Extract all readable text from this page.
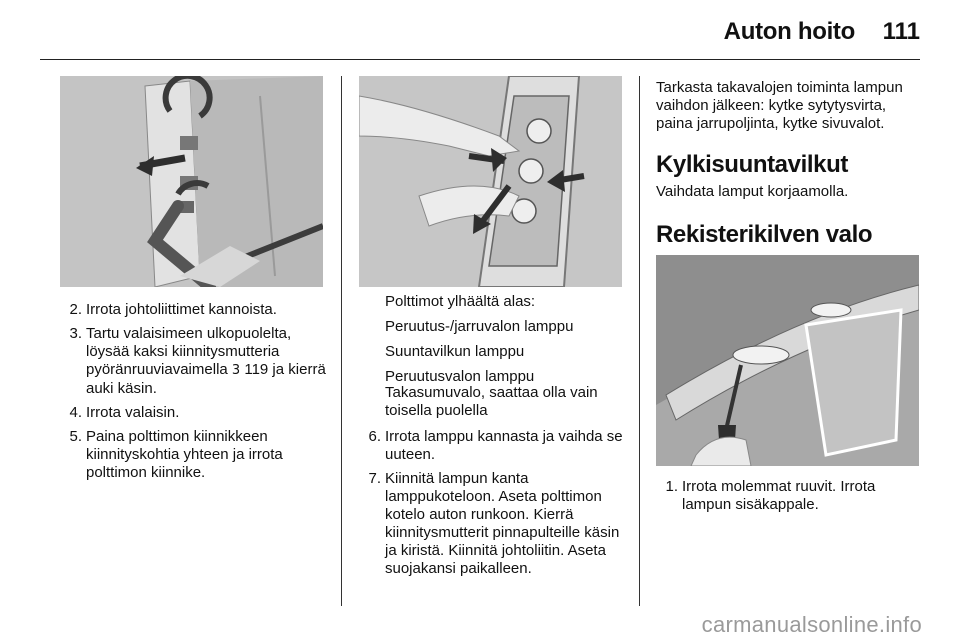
Auton hoito 111
2. Irrota johtoliittimet kannoista.
3. Tartu valaisimeen ulkopuolelta, löysää kaksi kiinnitysmutteria pyöränruuviavaimella 3 119 ja kierrä auki käsin.
4. Irrota valaisin.
5. Paina polttimon kiinnikkeen kiinnityskohtia yhteen ja irrota polttimon kiinnike.
Polttimot ylhäältä alas:
Peruutus-/jarruvalon lamppu
Suuntavilkun lamppu
Peruutusvalon lamppu
Takasumuvalo, saattaa olla vain toisella puolella
6. Irrota lamppu kannasta ja vaihda se uuteen.
7. Kiinnitä lampun kanta lamppukoteloon. Aseta polttimon kotelo auton runkoon. Kierrä kiinnitysmutterit pinnapulteille käsin ja kiristä. Kiinnitä johtoliitin. Aseta suojakansi paikalleen.
Tarkasta takavalojen toiminta lampun vaihdon jälkeen: kytke sytytysvirta, paina jarrupoljinta, kytke sivuvalot.
Kylkisuuntavilkut
Vaihdata lamput korjaamolla.
Rekisterikilven valo
1. Irrota molemmat ruuvit. Irrota lampun sisäkappale.
carmanualsonline.info
